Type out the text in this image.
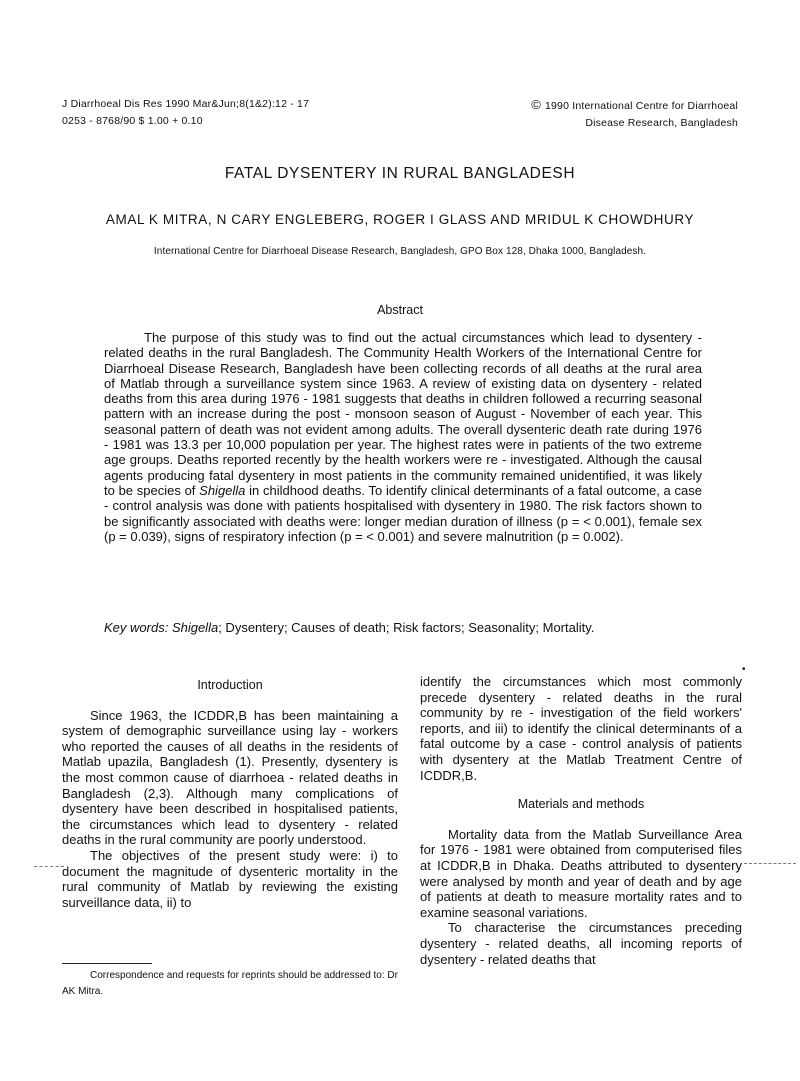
J Diarrhoeal Dis Res 1990 Mar&Jun;8(1&2):12 - 17
0253 - 8768/90 $ 1.00 + 0.10
© 1990 International Centre for Diarrhoeal
Disease Research, Bangladesh
FATAL DYSENTERY IN RURAL BANGLADESH
AMAL K MITRA, N CARY ENGLEBERG, ROGER I GLASS AND MRIDUL K CHOWDHURY
International Centre for Diarrhoeal Disease Research, Bangladesh, GPO Box 128, Dhaka 1000, Bangladesh.
Abstract

The purpose of this study was to find out the actual circumstances which lead to dysentery - related deaths in the rural Bangladesh. The Community Health Workers of the International Centre for Diarrhoeal Disease Research, Bangladesh have been collecting records of all deaths at the rural area of Matlab through a surveillance system since 1963. A review of existing data on dysentery - related deaths from this area during 1976 - 1981 suggests that deaths in children followed a recurring seasonal pattern with an increase during the post - monsoon season of August - November of each year. This seasonal pattern of death was not evident among adults. The overall dysenteric death rate during 1976 - 1981 was 13.3 per 10,000 population per year. The highest rates were in patients of the two extreme age groups. Deaths reported recently by the health workers were re - investigated. Although the causal agents producing fatal dysentery in most patients in the community remained unidentified, it was likely to be species of Shigella in childhood deaths. To identify clinical determinants of a fatal outcome, a case - control analysis was done with patients hospitalised with dysentery in 1980. The risk factors shown to be significantly associated with deaths were: longer median duration of illness (p = < 0.001), female sex (p = 0.039), signs of respiratory infection (p = < 0.001) and severe malnutrition (p = 0.002).

Key words: Shigella; Dysentery; Causes of death; Risk factors; Seasonality; Mortality.
•
Introduction

Since 1963, the ICDDR,B has been maintaining a system of demographic surveillance using lay - workers who reported the causes of all deaths in the residents of Matlab upazila, Bangladesh (1). Presently, dysentery is the most common cause of diarrhoea - related deaths in Bangladesh (2,3). Although many complications of dysentery have been described in hospitalised patients, the circumstances which lead to dysentery - related deaths in the rural community are poorly understood.

The objectives of the present study were: i) to document the magnitude of dysenteric mortality in the rural community of Matlab by reviewing the existing surveillance data, ii) to

identify the circumstances which most commonly precede dysentery - related deaths in the rural community by re - investigation of the field workers' reports, and iii) to identify the clinical determinants of a fatal outcome by a case - control analysis of patients with dysentery at the Matlab Treatment Centre of ICDDR,B.

Materials and methods

Mortality data from the Matlab Surveillance Area for 1976 - 1981 were obtained from computerised files at ICDDR,B in Dhaka. Deaths attributed to dysentery were analysed by month and year of death and by age of patients at death to measure mortality rates and to examine seasonal variations.

To characterise the circumstances preceding dysentery - related deaths, all incoming reports of dysentery - related deaths that

Correspondence and requests for reprints should be addressed to: Dr AK Mitra.
